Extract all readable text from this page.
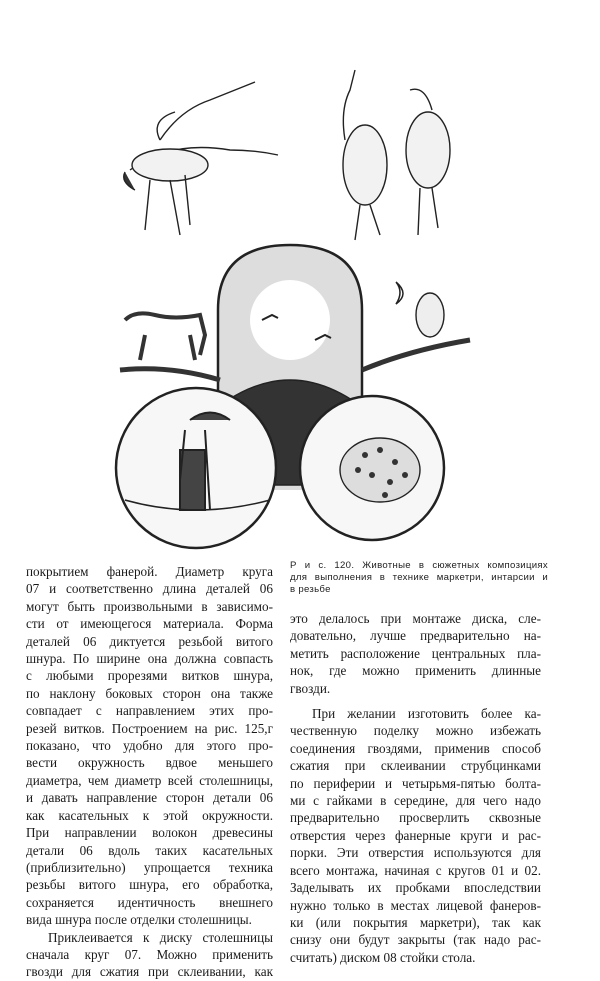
Р и с. 120. Животные в сюжетных композициях
для выполнения в технике маркетри, интарсии и
в резьбе
покрытием фанерой. Диаметр круга
07 и соответственно длина деталей 06
могут быть произвольными в зависимо-
сти от имеющегося материала. Форма
деталей 06 диктуется резьбой витого
шнура. По ширине она должна совпасть
с любыми прорезями витков шнура,
по наклону боковых сторон она также
совпадает с направлением этих про-
резей витков. Построением на рис. 125,г
показано, что удобно для этого про-
вести окружность вдвое меньшего
диаметра, чем диаметр всей столешницы,
и давать направление сторон детали 06
как касательных к этой окружности.
При направлении волокон древесины
детали 06 вдоль таких касательных
(приблизительно) упрощается техника
резьбы витого шнура, его обработка,
сохраняется идентичность внешнего
вида шнура после отделки столешницы.
Приклеивается к диску столешницы
сначала круг 07. Можно применить
гвозди для сжатия при склеивании, как
это делалось при монтаже диска, сле-
довательно, лучше предварительно на-
метить расположение центральных пла-
нок, где можно применить длинные
гвозди.
При желании изготовить более ка-
чественную поделку можно избежать
соединения гвоздями, применив способ
сжатия при склеивании струбцинками
по периферии и четырьмя-пятью болта-
ми с гайками в середине, для чего надо
предварительно просверлить сквозные
отверстия через фанерные круги и рас-
порки. Эти отверстия используются для
всего монтажа, начиная с кругов 01 и 02.
Заделывать их пробками впоследствии
нужно только в местах лицевой фанеров-
ки (или покрытия маркетри), так как
снизу они будут закрыты (так надо рас-
считать) диском 08 стойки стола.
